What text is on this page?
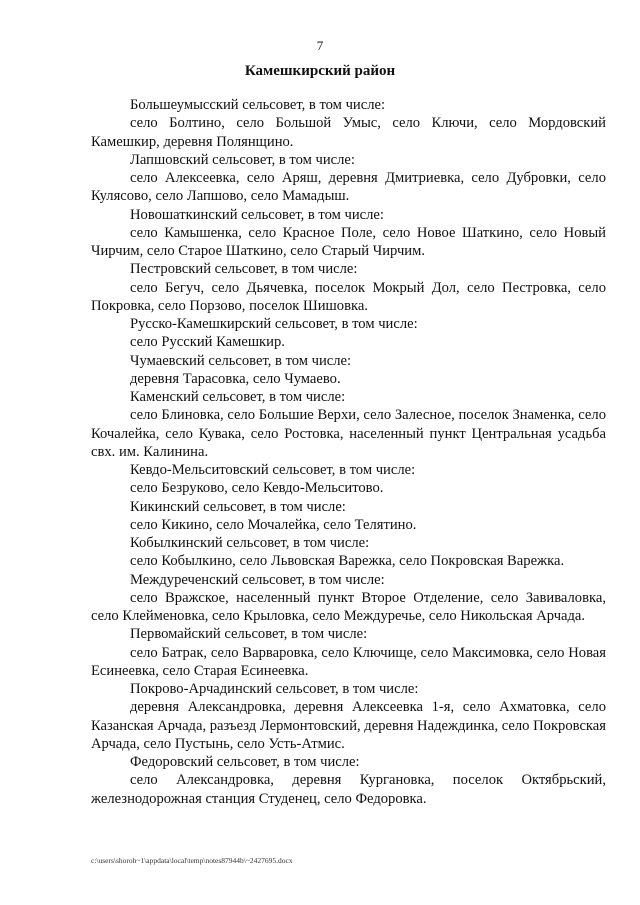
7
Камешкирский район

Большеумысский сельсовет, в том числе:

село Болтино, село Большой Умыс, село Ключи, село Мордовский Камешкир, деревня Полянщино.

Лапшовский сельсовет, в том числе:

село Алексеевка, село Аряш, деревня Дмитриевка, село Дубровки, село Кулясово, село Лапшово, село Мамадыш.

Новошаткинский сельсовет, в том числе:

село Камышенка, село Красное Поле, село Новое Шаткино, село Новый Чирчим, село Старое Шаткино, село Старый Чирчим.

Пестровский сельсовет, в том числе:

село Бегуч, село Дьячевка, поселок Мокрый Дол, село Пестровка, село Покровка, село Порзово, поселок Шишовка.

Русско-Камешкирский сельсовет, в том числе:

село Русский Камешкир.

Чумаевский сельсовет, в том числе:

деревня Тарасовка, село Чумаево.

Каменский сельсовет, в том числе:

село Блиновка, село Большие Верхи, село Залесное, поселок Знаменка, село Кочалейка, село Кувака, село Ростовка, населенный пункт Центральная усадьба свх. им. Калинина.

Кевдо-Мельситовский сельсовет, в том числе:

село Безруково, село Кевдо-Мельситово.

Кикинский сельсовет, в том числе:

село Кикино, село Мочалейка, село Телятино.

Кобылкинский сельсовет, в том числе:

село Кобылкино, село Львовская Варежка, село Покровская Варежка.

Междуреченский сельсовет, в том числе:

село Вражское, населенный пункт Второе Отделение, село Завиваловка, село Клейменовка, село Крыловка, село Междуречье, село Никольская Арчада.

Первомайский сельсовет, в том числе:

село Батрак, село Варваровка, село Ключище, село Максимовка, село Новая Есинеевка, село Старая Есинеевка.

Покрово-Арчадинский сельсовет, в том числе:

деревня Александровка, деревня Алексеевка 1-я, село Ахматовка, село Казанская Арчада, разъезд Лермонтовский, деревня Надеждинка, село Покровская Арчада, село Пустынь, село Усть-Атмис.

Федоровский сельсовет, в том числе:

село Александровка, деревня Кургановка, поселок Октябрьский, железнодорожная станция Студенец, село Федоровка.

c:\users\shoroh~1\appdata\local\temp\notes87944b\~2427695.docx
